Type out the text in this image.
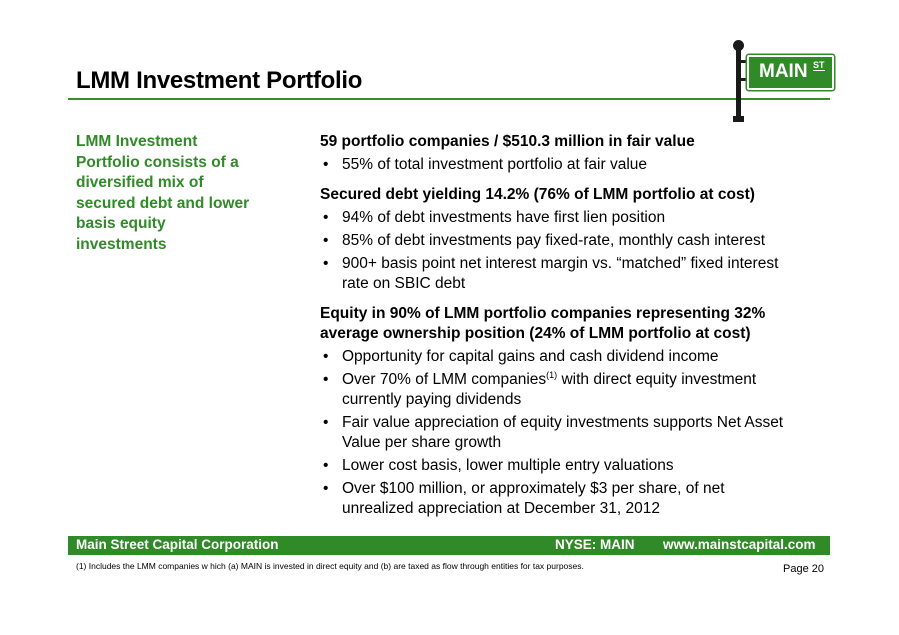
LMM Investment Portfolio	MAIN ST
LMM Investment
Portfolio consists of a
diversified mix of
secured debt and lower
basis equity
investments
59 portfolio companies / $510.3 million in fair value
• 55% of total investment portfolio at fair value
Secured debt yielding 14.2% (76% of LMM portfolio at cost)
• 94% of debt investments have first lien position
• 85% of debt investments pay fixed-rate, monthly cash interest
• 900+ basis point net interest margin vs. “matched” fixed interest
rate on SBIC debt
Equity in 90% of LMM portfolio companies representing 32%
average ownership position (24% of LMM portfolio at cost)
• Opportunity for capital gains and cash dividend income
• Over 70% of LMM companies$^{(1)}$ with direct equity investment
currently paying dividends
• Fair value appreciation of equity investments supports Net Asset
Value per share growth
• Lower cost basis, lower multiple entry valuations
• Over $100 million, or approximately $3 per share, of net
unrealized appreciation at December 31, 2012
Main Street Capital Corporation	NYSE: MAIN www.mainstcapital.com
(1) Includes the LMM companies w hich (a) MAIN is invested in direct equity and (b) are taxed as flow through entities for tax purposes.	Page 20
